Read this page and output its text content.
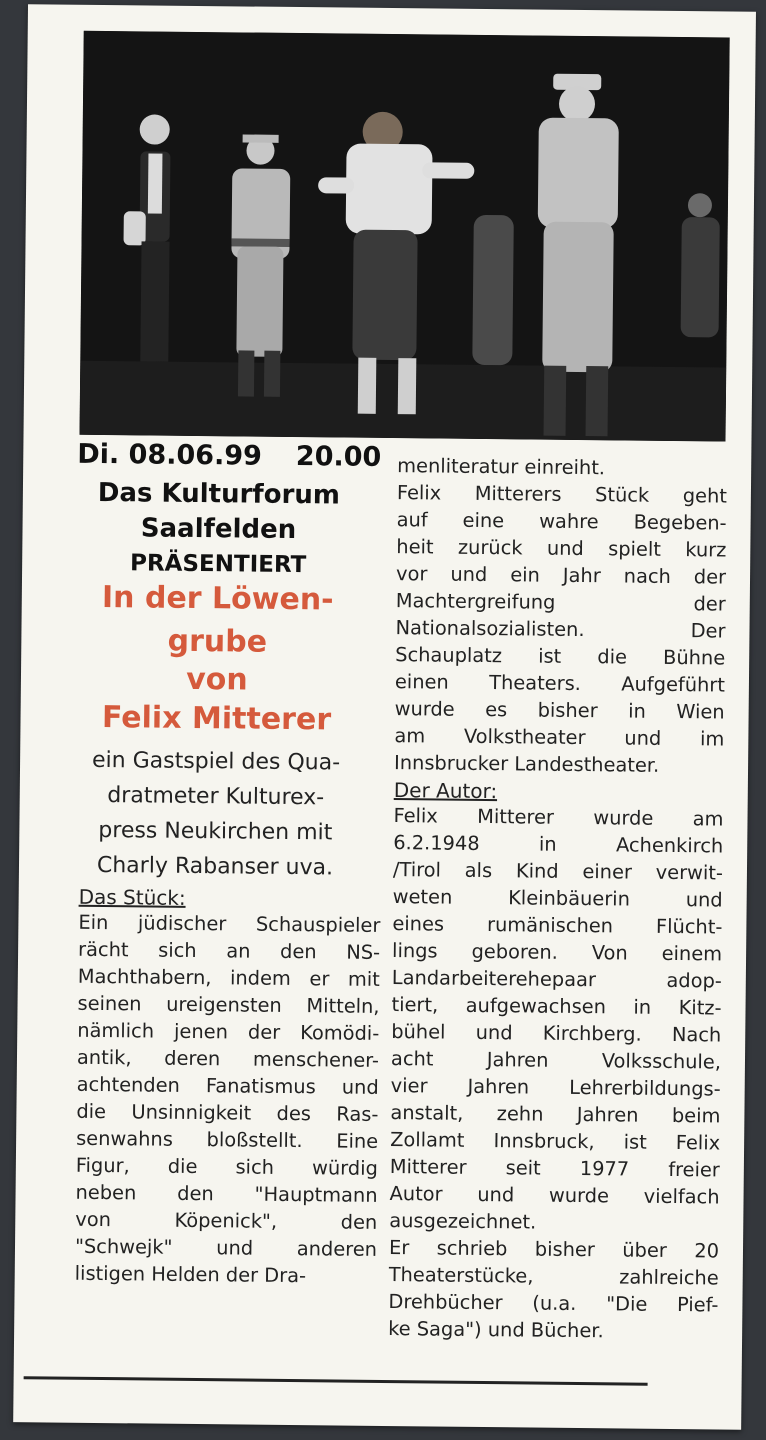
Di. 08.06.99 20.00
Das Kulturforum
Saalfelden
PRÄSENTIERT
In der Löwen-
grube
von
Felix Mitterer
ein Gastspiel des Qua-
dratmeter Kulturex-
press Neukirchen mit
Charly Rabanser uva.
Das Stück:
Ein jüdischer Schauspieler
rächt sich an den NS-
Machthabern, indem er mit
seinen ureigensten Mitteln,
nämlich jenen der Komödi-
antik, deren menschener-
achtenden Fanatismus und
die Unsinnigkeit des Ras-
senwahns bloßstellt. Eine
Figur, die sich würdig
neben den "Hauptmann
von Köpenick", den
"Schwejk" und anderen
listigen Helden der Dra-
menliteratur einreiht.
Felix Mitterers Stück geht
auf eine wahre Begeben-
heit zurück und spielt kurz
vor und ein Jahr nach der
Machtergreifung der
Nationalsozialisten. Der
Schauplatz ist die Bühne
einen Theaters. Aufgeführt
wurde es bisher in Wien
am Volkstheater und im
Innsbrucker Landestheater.
Der Autor:
Felix Mitterer wurde am
6.2.1948 in Achenkirch
/Tirol als Kind einer verwit-
weten Kleinbäuerin und
eines rumänischen Flücht-
lings geboren. Von einem
Landarbeiterehepaar adop-
tiert, aufgewachsen in Kitz-
bühel und Kirchberg. Nach
acht Jahren Volksschule,
vier Jahren Lehrerbildungs-
anstalt, zehn Jahren beim
Zollamt Innsbruck, ist Felix
Mitterer seit 1977 freier
Autor und wurde vielfach
ausgezeichnet.
Er schrieb bisher über 20
Theaterstücke, zahlreiche
Drehbücher (u.a. "Die Pief-
ke Saga") und Bücher.
